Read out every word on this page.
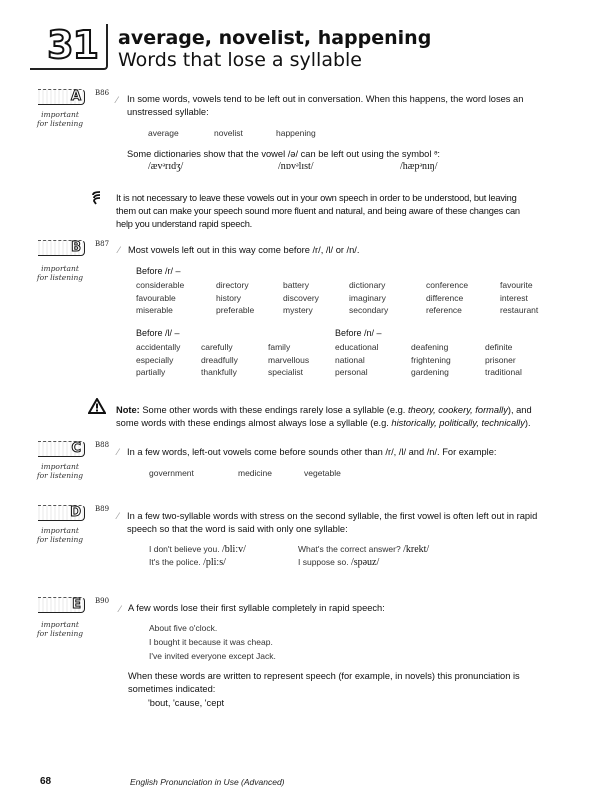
31 average, novelist, happening
Words that lose a syllable
A B86
important
for listening
⁄ In some words, vowels tend to be left out in conversation. When this happens, the word loses an
unstressed syllable:
average	novelist	happening
Some dictionaries show that the vowel /ə/ can be left out using the symbol ᵊ:
/ævᵊrɪdʒ/	/nɒvᵊlɪst/	/hæpᵊnɪŋ/
It is not necessary to leave these vowels out in your own speech in order to be understood, but leaving
them out can make your speech sound more fluent and natural, and being aware of these changes can
help you understand rapid speech.
B B87
important
for listening
⁄ Most vowels left out in this way come before /r/, /l/ or /n/.
Before /r/ –
considerable	directory	battery	dictionary	conference	favourite
favourable	history	discovery	imaginary	difference	interest
miserable	preferable	mystery	secondary	reference	restaurant
Before /l/ –
accidentally	carefully	family
especially	dreadfully	marvellous
partially	thankfully	specialist
Before /n/ –
educational	deafening	definite
national	frightening	prisoner
personal	gardening	traditional
Note: Some other words with these endings rarely lose a syllable (e.g. theory, cookery, formally), and
some words with these endings almost always lose a syllable (e.g. historically, politically, technically).
C B88
important
for listening
⁄ In a few words, left-out vowels come before sounds other than /r/, /l/ and /n/. For example:
government	medicine	vegetable
D B89
important
for listening
⁄ In a few two-syllable words with stress on the second syllable, the first vowel is often left out in rapid
speech so that the word is said with only one syllable:
I don't believe you. /bliːv/
It's the police. /pliːs/
What's the correct answer? /krekt/
I suppose so. /spəuz/
E B90
important
for listening
⁄ A few words lose their first syllable completely in rapid speech:
About five o'clock.
I bought it because it was cheap.
I've invited everyone except Jack.
When these words are written to represent speech (for example, in novels) this pronunciation is
sometimes indicated:
'bout, 'cause, 'cept
68	English Pronunciation in Use (Advanced)
